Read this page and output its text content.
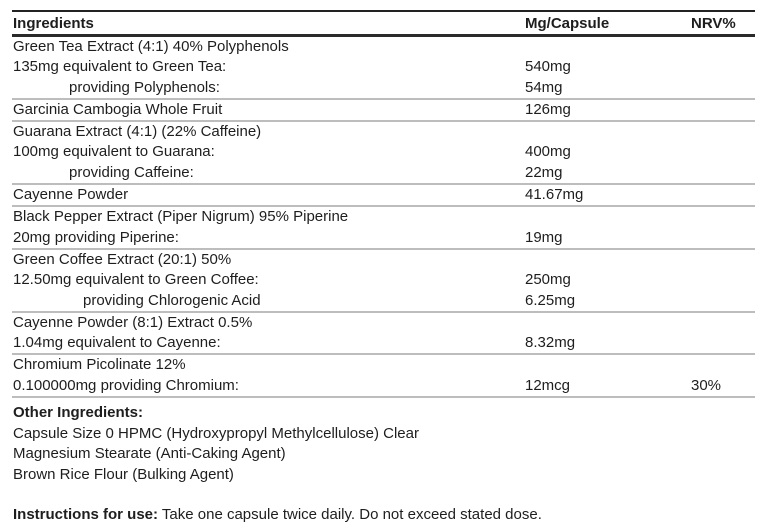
Ingredients	Mg/Capsule	NRV%
Green Tea Extract (4:1) 40% Polyphenols
135mg equivalent to Green Tea:	540mg
providing Polyphenols:	54mg
Garcinia Cambogia Whole Fruit	126mg
Guarana Extract (4:1) (22% Caffeine)
100mg equivalent to Guarana:	400mg
providing Caffeine:	22mg
Cayenne Powder	41.67mg
Black Pepper Extract (Piper Nigrum) 95% Piperine
20mg providing Piperine:	19mg
Green Coffee Extract (20:1) 50%
12.50mg equivalent to Green Coffee:	250mg
providing Chlorogenic Acid	6.25mg
Cayenne Powder (8:1) Extract 0.5%
1.04mg equivalent to Cayenne:	8.32mg
Chromium Picolinate 12%
0.100000mg providing Chromium:	12mcg	30%
Other Ingredients:
Capsule Size 0 HPMC (Hydroxypropyl Methylcellulose) Clear
Magnesium Stearate (Anti-Caking Agent)
Brown Rice Flour (Bulking Agent)
Instructions for use: Take one capsule twice daily. Do not exceed stated dose.
